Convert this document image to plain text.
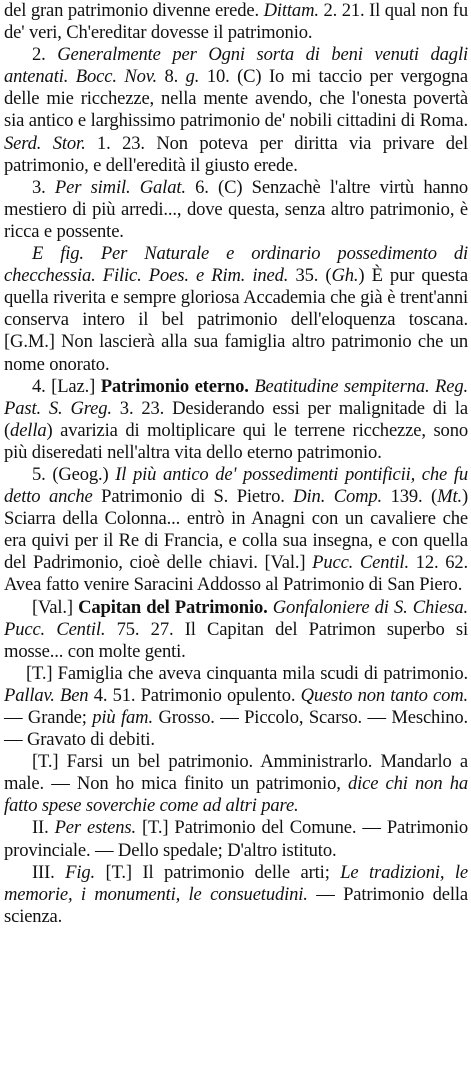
del gran patrimonio divenne erede. Dittam. 2. 21. Il qual non fu de' veri, Ch'ereditar dovesse il patrimonio.

2. Generalmente per Ogni sorta di beni venuti dagli antenati. Bocc. Nov. 8. g. 10. (C) Io mi taccio per vergogna delle mie ricchezze, nella mente avendo, che l'onesta povertà sia antico e larghissimo patrimonio de' nobili cittadini di Roma. Serd. Stor. 1. 23. Non poteva per diritta via privare del patrimonio, e dell'eredità il giusto erede.

3. Per simil. Galat. 6. (C) Senzachè l'altre virtù hanno mestiero di più arredi..., dove questa, senza altro patrimonio, è ricca e possente.

E fig. Per Naturale e ordinario possedimento di checchessia. Filic. Poes. e Rim. ined. 35. (Gh.) È pur questa quella riverita e sempre gloriosa Accademia che già è trent'anni conserva intero il bel patrimonio dell'eloquenza toscana. [G.M.] Non lascierà alla sua famiglia altro patrimonio che un nome onorato.

4. [Laz.] Patrimonio eterno. Beatitudine sempiterna. Reg. Past. S. Greg. 3. 23. Desiderando essi per malignitade di la (della) avarizia di moltiplicare qui le terrene ricchezze, sono più diseredati nell'altra vita dello eterno patrimonio.

5. (Geog.) Il più antico de' possedimenti pontificii, che fu detto anche Patrimonio di S. Pietro. Din. Comp. 139. (Mt.) Sciarra della Colonna... entrò in Anagni con un cavaliere che era quivi per il Re di Francia, e colla sua insegna, e con quella del Padrimonio, cioè delle chiavi. [Val.] Pucc. Centil. 12. 62. Avea fatto venire Saracini Addosso al Patrimonio di San Piero.

[Val.] Capitan del Patrimonio. Gonfaloniere di S. Chiesa. Pucc. Centil. 75. 27. Il Capitan del Patrimon superbo si mosse... con molte genti.

[T.] Famiglia che aveva cinquanta mila scudi di patrimonio. Pallav. Ben 4. 51. Patrimonio opulento. Questo non tanto com. — Grande; più fam. Grosso. — Piccolo, Scarso. — Meschino. — Gravato di debiti.

[T.] Farsi un bel patrimonio. Amministrarlo. Mandarlo a male. — Non ho mica finito un patrimonio, dice chi non ha fatto spese soverchie come ad altri pare.

II. Per estens. [T.] Patrimonio del Comune. — Patrimonio provinciale. — Dello spedale; D'altro istituto.

III. Fig. [T.] Il patrimonio delle arti; Le tradizioni, le memorie, i monumenti, le consuetudini. — Patrimonio della scienza.
